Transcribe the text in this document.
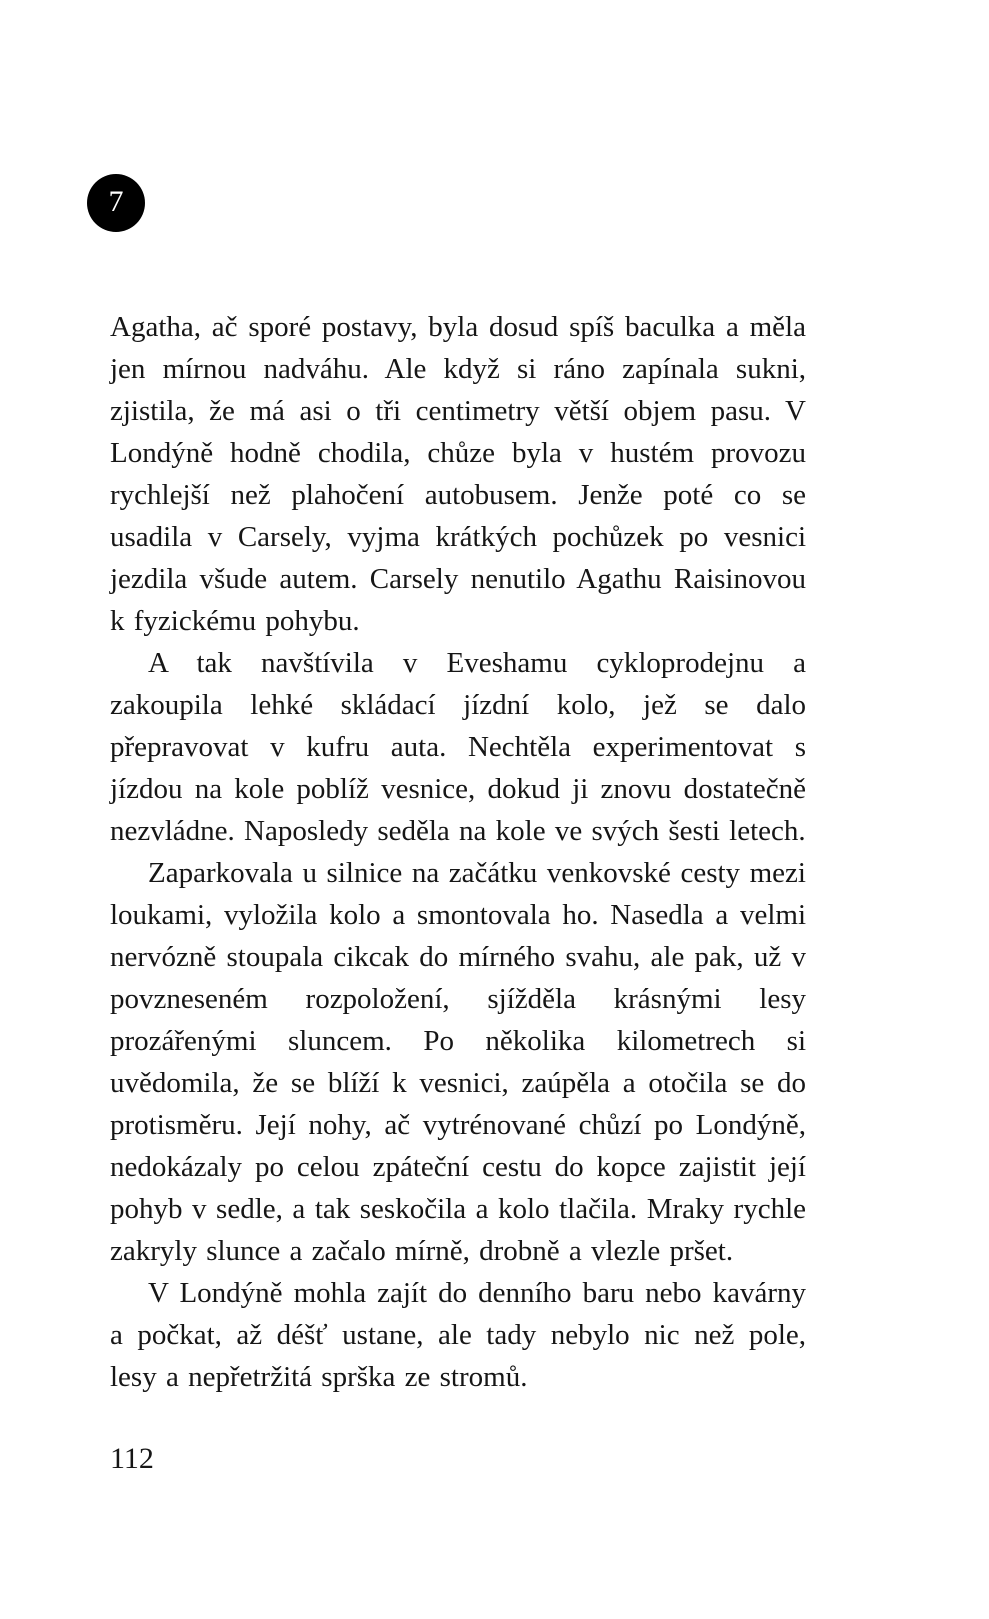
7

Agatha, ač sporé postavy, byla dosud spíš baculka a měla jen mírnou nadváhu. Ale když si ráno zapínala sukni, zjistila, že má asi o tři centimetry větší objem pasu. V Londýně hodně chodila, chůze byla v hustém provozu rychlejší než plahočení autobusem. Jenže poté co se usadila v Carsely, vyjma krátkých pochůzek po vesnici jezdila všude autem. Carsely nenutilo Agathu Raisinovou k fyzickému pohybu.

A tak navštívila v Eveshamu cykloprodejnu a zakoupila lehké skládací jízdní kolo, jež se dalo přepravovat v kufru auta. Nechtěla experimentovat s jízdou na kole poblíž vesnice, dokud ji znovu dostatečně nezvládne. Naposledy seděla na kole ve svých šesti letech.

Zaparkovala u silnice na začátku venkovské cesty mezi loukami, vyložila kolo a smontovala ho. Nasedla a velmi nervózně stoupala cikcak do mírného svahu, ale pak, už v povzneseném rozpoložení, sjížděla krásnými lesy prozářenými sluncem. Po několika kilometrech si uvědomila, že se blíží k vesnici, zaúpěla a otočila se do protisměru. Její nohy, ač vytrénované chůzí po Londýně, nedokázaly po celou zpáteční cestu do kopce zajistit její pohyb v sedle, a tak seskočila a kolo tlačila. Mraky rychle zakryly slunce a začalo mírně, drobně a vlezle pršet.

V Londýně mohla zajít do denního baru nebo kavárny a počkat, až déšť ustane, ale tady nebylo nic než pole, lesy a nepřetržitá sprška ze stromů.

112
